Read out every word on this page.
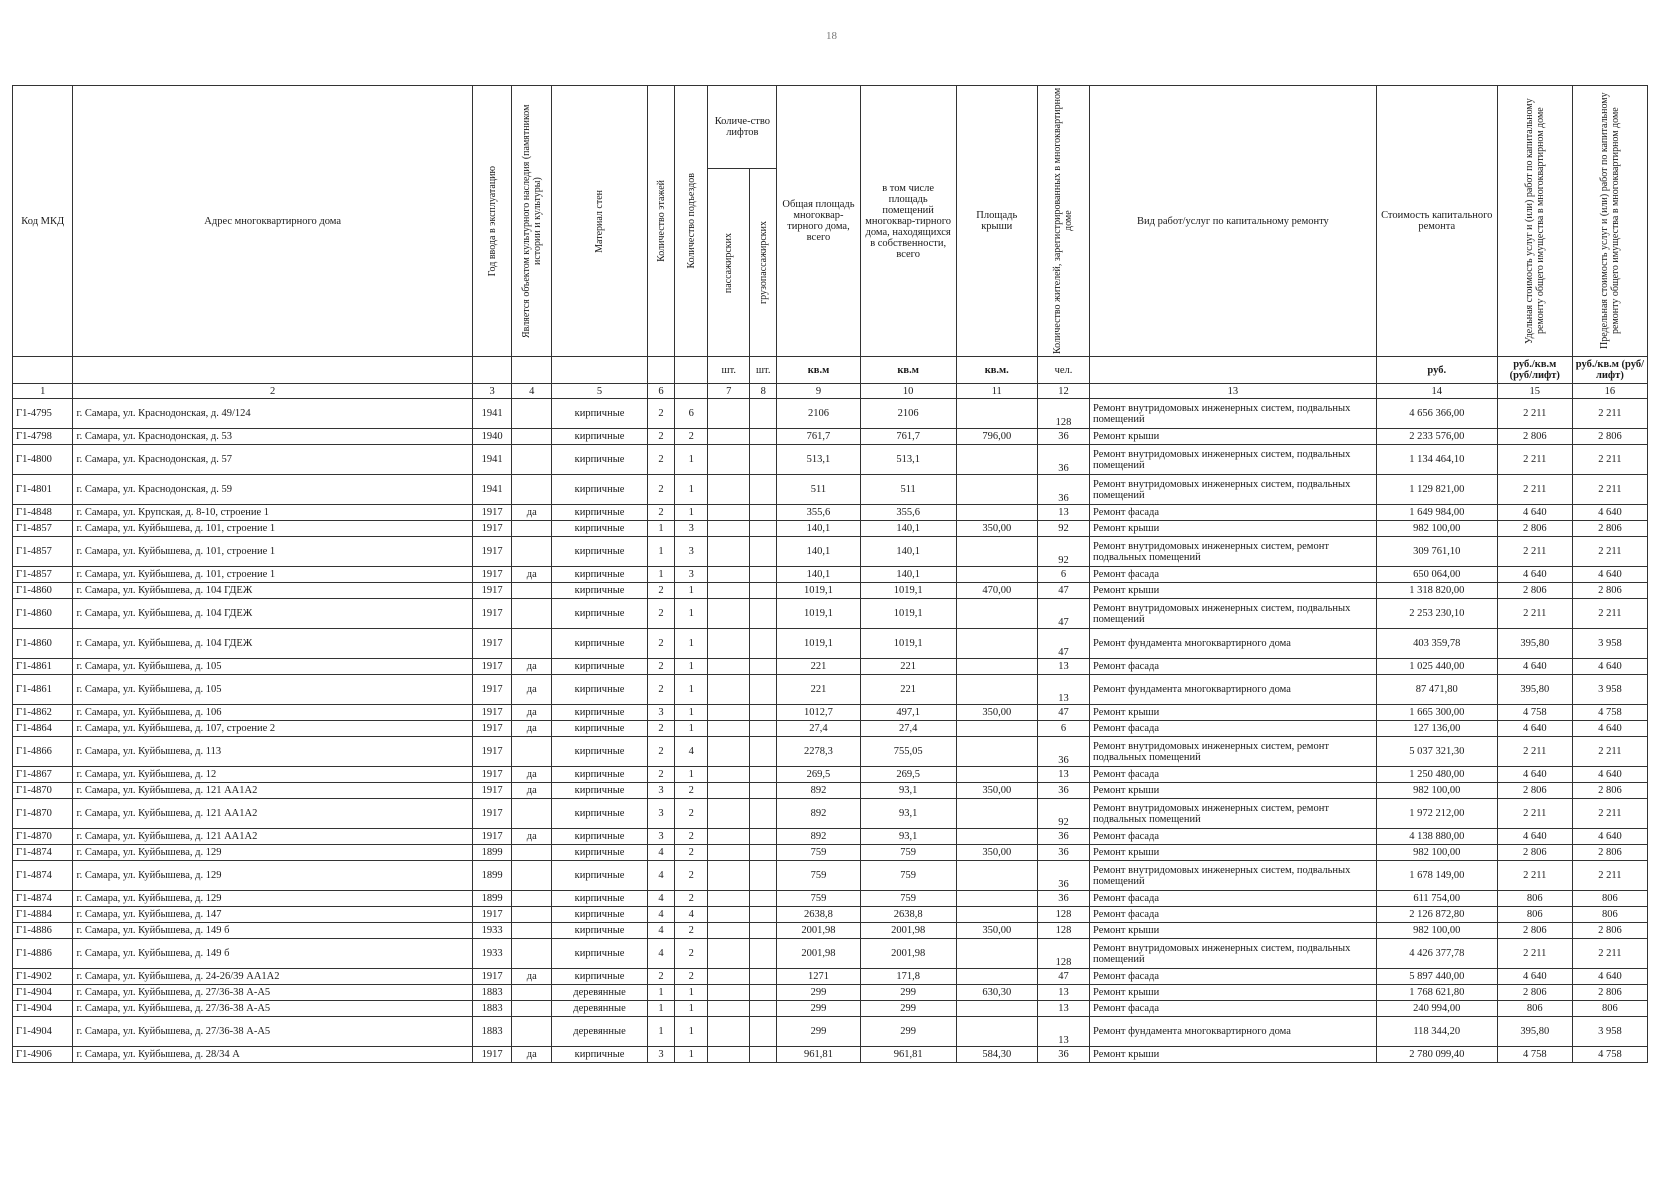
18
Код МКД	Адрес многоквартирного дома	Год ввода в эксплуатацию	Является объектом культурного наследия (памятником истории и культуры)	Материал стен	Количество этажей	Количество подъездов	Количе-ство лифтов		Общая площадь многоквар-тирного дома, всего	в том числе площадь помещений многоквар-тирного дома, находящихся в собственности, всего	Площадь крыши	Количество жителей, зарегистрированных в многоквартирном доме	Вид работ/услуг по капитальному ремонту	Стоимость капитального ремонта	Удельная стоимость услуг и (или) работ по капитальному ремонту общего имущества в многоквартирном доме	Предельная стоимость услуг и (или) работ по капитальному ремонту общего имущества в многоквартирном доме

							пассажирских	грузопассажирских								

							шт.	шт.	кв.м	кв.м	кв.м.	чел.		руб.	руб./кв.м (руб/лифт)	руб./кв.м (руб/лифт)
1	2	3	4	5	6		7	8	9	10	11	12	13	14	15	16
Г1-4795	г. Самара, ул. Краснодонская, д. 49/124	1941		кирпичные	2	6			2106	2106		128	Ремонт внутридомовых инженерных систем, подвальных помещений	4 656 366,00	2 211	2 211
Г1-4798	г. Самара, ул. Краснодонская, д. 53	1940		кирпичные	2	2			761,7	761,7	796,00	36	Ремонт крыши	2 233 576,00	2 806	2 806
Г1-4800	г. Самара, ул. Краснодонская, д. 57	1941		кирпичные	2	1			513,1	513,1		36	Ремонт внутридомовых инженерных систем, подвальных помещений	1 134 464,10	2 211	2 211
Г1-4801	г. Самара, ул. Краснодонская, д. 59	1941		кирпичные	2	1			511	511		36	Ремонт внутридомовых инженерных систем, подвальных помещений	1 129 821,00	2 211	2 211
Г1-4848	г. Самара, ул. Крупская, д. 8-10, строение 1	1917	да	кирпичные	2	1			355,6	355,6		13	Ремонт фасада	1 649 984,00	4 640	4 640
Г1-4857	г. Самара, ул. Куйбышева, д. 101, строение 1	1917		кирпичные	1	3			140,1	140,1	350,00	92	Ремонт крыши	982 100,00	2 806	2 806
Г1-4857	г. Самара, ул. Куйбышева, д. 101, строение 1	1917		кирпичные	1	3			140,1	140,1		92	Ремонт внутридомовых инженерных систем, ремонт подвальных помещений	309 761,10	2 211	2 211
Г1-4857	г. Самара, ул. Куйбышева, д. 101, строение 1	1917	да	кирпичные	1	3			140,1	140,1		6	Ремонт фасада	650 064,00	4 640	4 640
Г1-4860	г. Самара, ул. Куйбышева, д. 104 ГДЕЖ	1917		кирпичные	2	1			1019,1	1019,1	470,00	47	Ремонт крыши	1 318 820,00	2 806	2 806
Г1-4860	г. Самара, ул. Куйбышева, д. 104 ГДЕЖ	1917		кирпичные	2	1			1019,1	1019,1		47	Ремонт внутридомовых инженерных систем, подвальных помещений	2 253 230,10	2 211	2 211
Г1-4860	г. Самара, ул. Куйбышева, д. 104 ГДЕЖ	1917		кирпичные	2	1			1019,1	1019,1		47	Ремонт фундамента многоквартирного дома	403 359,78	395,80	3 958
Г1-4861	г. Самара, ул. Куйбышева, д. 105	1917	да	кирпичные	2	1			221	221		13	Ремонт фасада	1 025 440,00	4 640	4 640
Г1-4861	г. Самара, ул. Куйбышева, д. 105	1917	да	кирпичные	2	1			221	221		13	Ремонт фундамента многоквартирного дома	87 471,80	395,80	3 958
Г1-4862	г. Самара, ул. Куйбышева, д. 106	1917	да	кирпичные	3	1			1012,7	497,1	350,00	47	Ремонт крыши	1 665 300,00	4 758	4 758
Г1-4864	г. Самара, ул. Куйбышева, д. 107, строение 2	1917	да	кирпичные	2	1			27,4	27,4		6	Ремонт фасада	127 136,00	4 640	4 640
Г1-4866	г. Самара, ул. Куйбышева, д. 113	1917		кирпичные	2	4			2278,3	755,05		36	Ремонт внутридомовых инженерных систем, ремонт подвальных помещений	5 037 321,30	2 211	2 211
Г1-4867	г. Самара, ул. Куйбышева, д. 12	1917	да	кирпичные	2	1			269,5	269,5		13	Ремонт фасада	1 250 480,00	4 640	4 640
Г1-4870	г. Самара, ул. Куйбышева, д. 121 АА1А2	1917	да	кирпичные	3	2			892	93,1	350,00	36	Ремонт крыши	982 100,00	2 806	2 806
Г1-4870	г. Самара, ул. Куйбышева, д. 121 АА1А2	1917		кирпичные	3	2			892	93,1		92	Ремонт внутридомовых инженерных систем, ремонт подвальных помещений	1 972 212,00	2 211	2 211
Г1-4870	г. Самара, ул. Куйбышева, д. 121 АА1А2	1917	да	кирпичные	3	2			892	93,1		36	Ремонт фасада	4 138 880,00	4 640	4 640
Г1-4874	г. Самара, ул. Куйбышева, д. 129	1899		кирпичные	4	2			759	759	350,00	36	Ремонт крыши	982 100,00	2 806	2 806
Г1-4874	г. Самара, ул. Куйбышева, д. 129	1899		кирпичные	4	2			759	759		36	Ремонт внутридомовых инженерных систем, подвальных помещений	1 678 149,00	2 211	2 211
Г1-4874	г. Самара, ул. Куйбышева, д. 129	1899		кирпичные	4	2			759	759		36	Ремонт фасада	611 754,00	806	806
Г1-4884	г. Самара, ул. Куйбышева, д. 147	1917		кирпичные	4	4			2638,8	2638,8		128	Ремонт фасада	2 126 872,80	806	806
Г1-4886	г. Самара, ул. Куйбышева, д. 149 б	1933		кирпичные	4	2			2001,98	2001,98	350,00	128	Ремонт крыши	982 100,00	2 806	2 806
Г1-4886	г. Самара, ул. Куйбышева, д. 149 б	1933		кирпичные	4	2			2001,98	2001,98		128	Ремонт внутридомовых инженерных систем, подвальных помещений	4 426 377,78	2 211	2 211
Г1-4902	г. Самара, ул. Куйбышева, д. 24-26/39 АА1А2	1917	да	кирпичные	2	2			1271	171,8		47	Ремонт фасада	5 897 440,00	4 640	4 640
Г1-4904	г. Самара, ул. Куйбышева, д. 27/36-38 А-А5	1883		деревянные	1	1			299	299	630,30	13	Ремонт крыши	1 768 621,80	2 806	2 806
Г1-4904	г. Самара, ул. Куйбышева, д. 27/36-38 А-А5	1883		деревянные	1	1			299	299		13	Ремонт фасада	240 994,00	806	806
Г1-4904	г. Самара, ул. Куйбышева, д. 27/36-38 А-А5	1883		деревянные	1	1			299	299		13	Ремонт фундамента многоквартирного дома	118 344,20	395,80	3 958
Г1-4906	г. Самара, ул. Куйбышева, д. 28/34 А	1917	да	кирпичные	3	1			961,81	961,81	584,30	36	Ремонт крыши	2 780 099,40	4 758	4 758
